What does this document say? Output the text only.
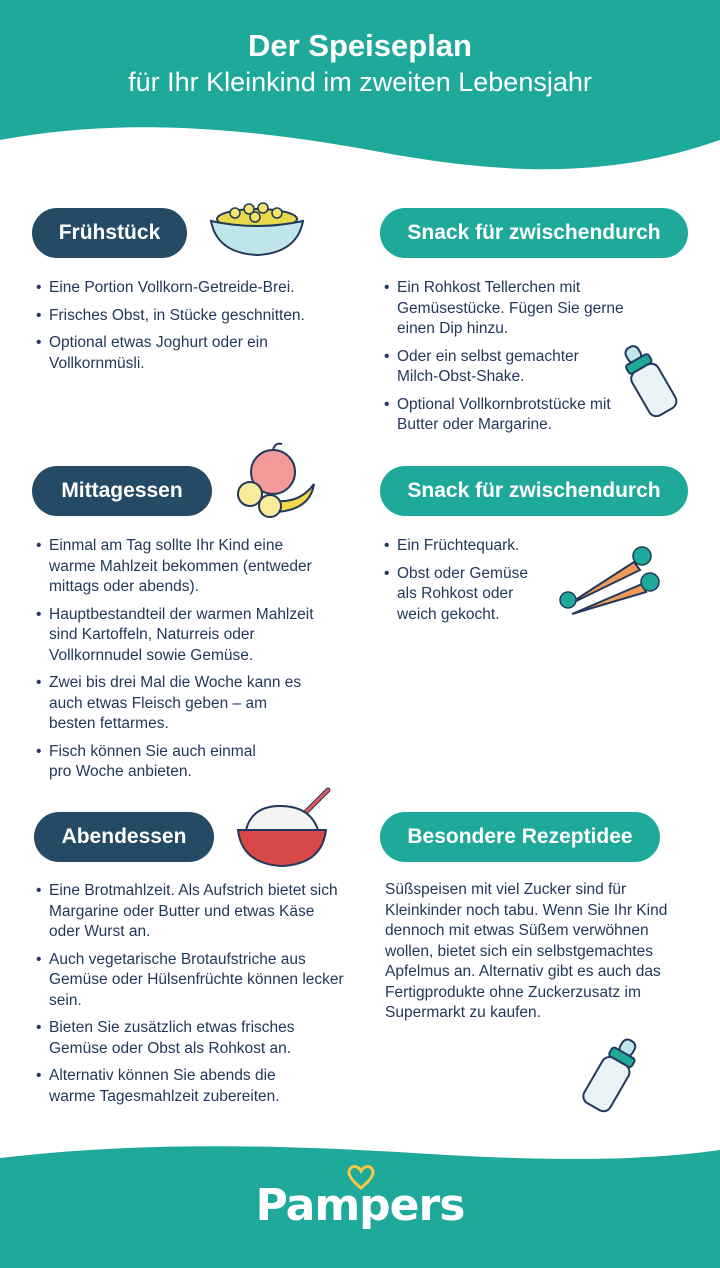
Der Speiseplan
für Ihr Kleinkind im zweiten Lebensjahr
Frühstück
• Eine Portion Vollkorn-Getreide-Brei.
• Frisches Obst, in Stücke geschnitten.
• Optional etwas Joghurt oder ein Vollkornmüsli.
Snack für zwischendurch
• Ein Rohkost Tellerchen mit Gemüsestücke. Fügen Sie gerne einen Dip hinzu.
• Oder ein selbst gemachter Milch-Obst-Shake.
• Optional Vollkornbrotstücke mit Butter oder Margarine.
Mittagessen
• Einmal am Tag sollte Ihr Kind eine warme Mahlzeit bekommen (entweder mittags oder abends).
• Hauptbestandteil der warmen Mahlzeit sind Kartoffeln, Naturreis oder Vollkornnudel sowie Gemüse.
• Zwei bis drei Mal die Woche kann es auch etwas Fleisch geben – am besten fettarmes.
• Fisch können Sie auch einmal pro Woche anbieten.
Snack für zwischendurch
• Ein Früchtequark.
• Obst oder Gemüse als Rohkost oder weich gekocht.
Abendessen
• Eine Brotmahlzeit. Als Aufstrich bietet sich Margarine oder Butter und etwas Käse oder Wurst an.
• Auch vegetarische Brotaufstriche aus Gemüse oder Hülsenfrüchte können lecker sein.
• Bieten Sie zusätzlich etwas frisches Gemüse oder Obst als Rohkost an.
• Alternativ können Sie abends die warme Tagesmahlzeit zubereiten.
Besondere Rezeptidee
Süßspeisen mit viel Zucker sind für Kleinkinder noch tabu. Wenn Sie Ihr Kind dennoch mit etwas Süßem verwöhnen wollen, bietet sich ein selbstgemachtes Apfelmus an. Alternativ gibt es auch das Fertigprodukte ohne Zuckerzusatz im Supermarkt zu kaufen.
Pampers
